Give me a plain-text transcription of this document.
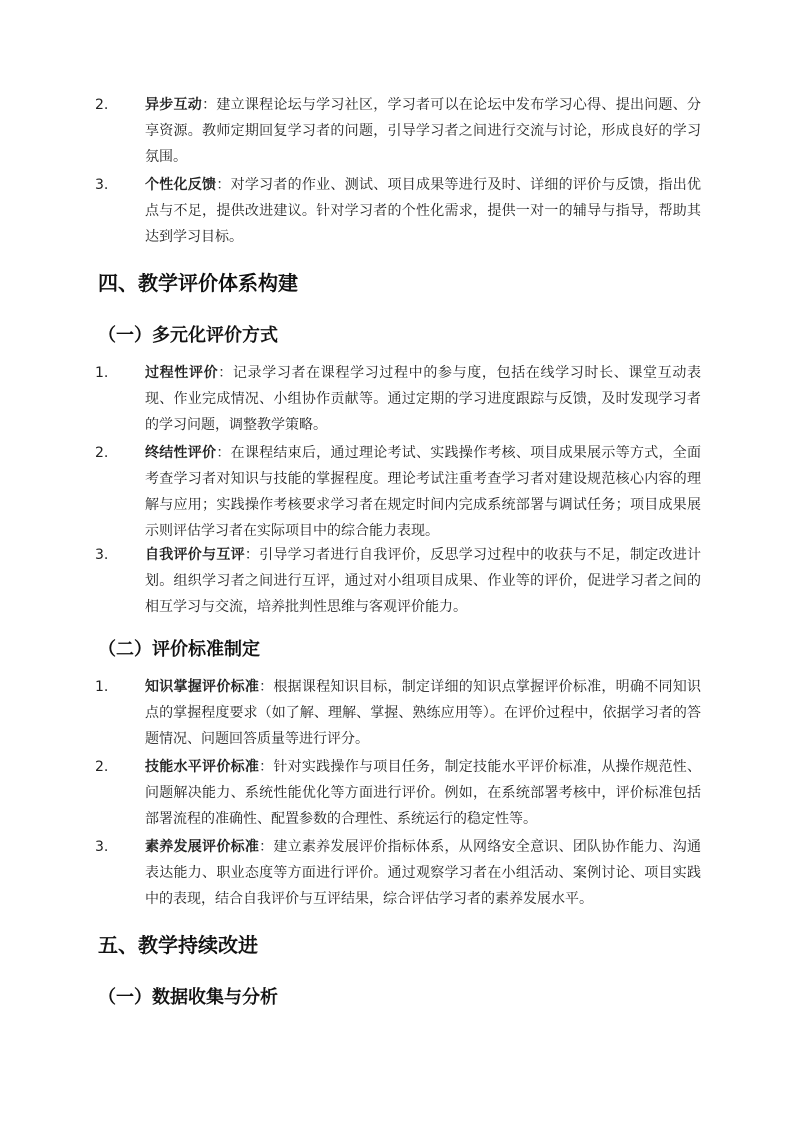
2.	异步互动：建立课程论坛与学习社区，学习者可以在论坛中发布学习心得、提出问题、分享资源。教师定期回复学习者的问题，引导学习者之间进行交流与讨论，形成良好的学习氛围。
3.	个性化反馈：对学习者的作业、测试、项目成果等进行及时、详细的评价与反馈，指出优点与不足，提供改进建议。针对学习者的个性化需求，提供一对一的辅导与指导，帮助其达到学习目标。
四、教学评价体系构建
（一）多元化评价方式
1.	过程性评价：记录学习者在课程学习过程中的参与度，包括在线学习时长、课堂互动表现、作业完成情况、小组协作贡献等。通过定期的学习进度跟踪与反馈，及时发现学习者的学习问题，调整教学策略。
2.	终结性评价：在课程结束后，通过理论考试、实践操作考核、项目成果展示等方式，全面考查学习者对知识与技能的掌握程度。理论考试注重考查学习者对建设规范核心内容的理解与应用；实践操作考核要求学习者在规定时间内完成系统部署与调试任务；项目成果展示则评估学习者在实际项目中的综合能力表现。
3.	自我评价与互评：引导学习者进行自我评价，反思学习过程中的收获与不足，制定改进计划。组织学习者之间进行互评，通过对小组项目成果、作业等的评价，促进学习者之间的相互学习与交流，培养批判性思维与客观评价能力。
（二）评价标准制定
1.	知识掌握评价标准：根据课程知识目标，制定详细的知识点掌握评价标准，明确不同知识点的掌握程度要求（如了解、理解、掌握、熟练应用等）。在评价过程中，依据学习者的答题情况、问题回答质量等进行评分。
2.	技能水平评价标准：针对实践操作与项目任务，制定技能水平评价标准，从操作规范性、问题解决能力、系统性能优化等方面进行评价。例如，在系统部署考核中，评价标准包括部署流程的准确性、配置参数的合理性、系统运行的稳定性等。
3.	素养发展评价标准：建立素养发展评价指标体系，从网络安全意识、团队协作能力、沟通表达能力、职业态度等方面进行评价。通过观察学习者在小组活动、案例讨论、项目实践中的表现，结合自我评价与互评结果，综合评估学习者的素养发展水平。
五、教学持续改进
（一）数据收集与分析
